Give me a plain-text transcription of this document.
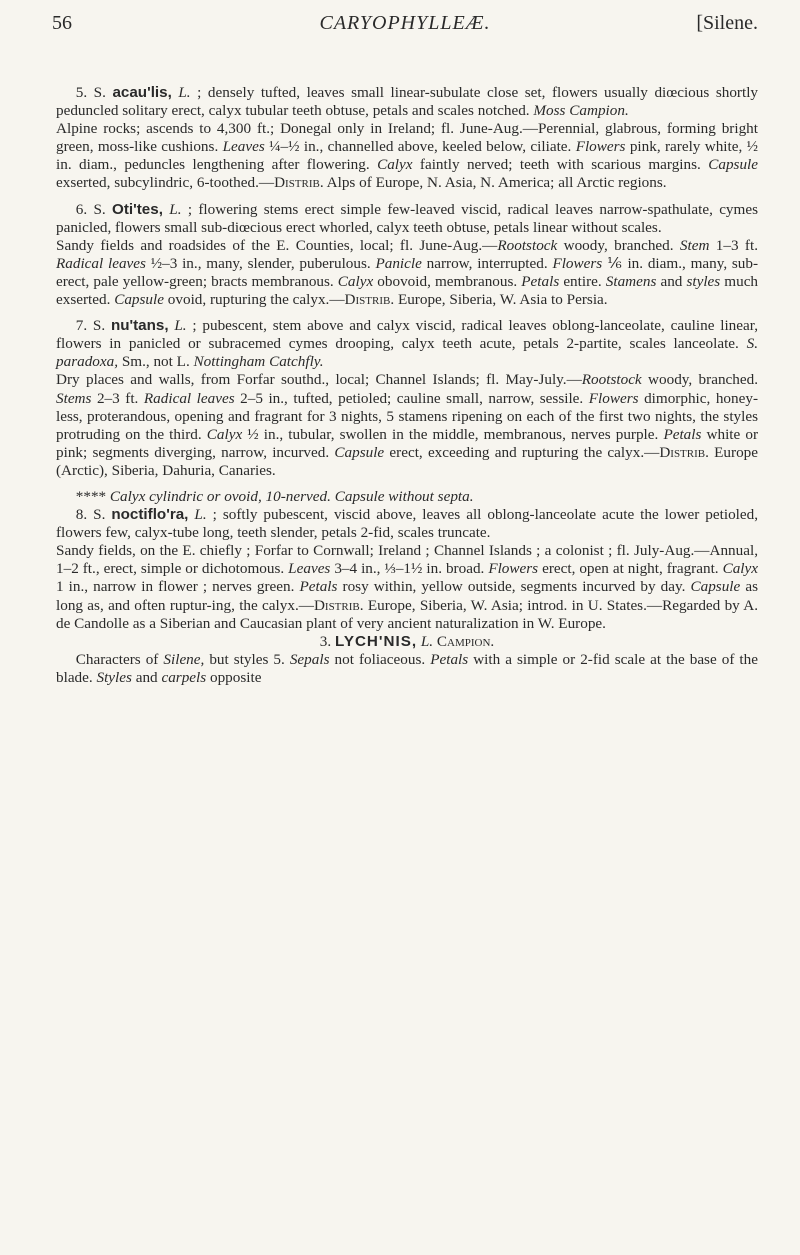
56	CARYOPHYLLEÆ.	[Silene.

5. S. acau'lis, L. ; densely tufted, leaves small linear-subulate close set, flowers usually diœcious shortly peduncled solitary erect, calyx tubular teeth obtuse, petals and scales notched. Moss Campion.

Alpine rocks; ascends to 4,300 ft.; Donegal only in Ireland; fl. June-Aug.—Perennial, glabrous, forming bright green, moss-like cushions. Leaves ¼–½ in., channelled above, keeled below, ciliate. Flowers pink, rarely white, ½ in. diam., peduncles lengthening after flowering. Calyx faintly nerved; teeth with scarious margins. Capsule exserted, subcylindric, 6-toothed.—Distrib. Alps of Europe, N. Asia, N. America; all Arctic regions.

6. S. Oti'tes, L. ; flowering stems erect simple few-leaved viscid, radical leaves narrow-spathulate, cymes panicled, flowers small sub-diœcious erect whorled, calyx teeth obtuse, petals linear without scales.

Sandy fields and roadsides of the E. Counties, local; fl. June-Aug.—Rootstock woody, branched. Stem 1–3 ft. Radical leaves ½–3 in., many, slender, puberulous. Panicle narrow, interrupted. Flowers ⅙ in. diam., many, sub-erect, pale yellow-green; bracts membranous. Calyx obovoid, membranous. Petals entire. Stamens and styles much exserted. Capsule ovoid, rupturing the calyx.—Distrib. Europe, Siberia, W. Asia to Persia.

7. S. nu'tans, L. ; pubescent, stem above and calyx viscid, radical leaves oblong-lanceolate, cauline linear, flowers in panicled or subracemed cymes drooping, calyx teeth acute, petals 2-partite, scales lanceolate. S. paradoxa, Sm., not L. Nottingham Catchfly.

Dry places and walls, from Forfar southd., local; Channel Islands; fl. May-July.—Rootstock woody, branched. Stems 2–3 ft. Radical leaves 2–5 in., tufted, petioled; cauline small, narrow, sessile. Flowers dimorphic, honey-less, proterandous, opening and fragrant for 3 nights, 5 stamens ripening on each of the first two nights, the styles protruding on the third. Calyx ½ in., tubular, swollen in the middle, membranous, nerves purple. Petals white or pink; segments diverging, narrow, incurved. Capsule erect, exceeding and rupturing the calyx.—Distrib. Europe (Arctic), Siberia, Dahuria, Canaries.

**** Calyx cylindric or ovoid, 10-nerved. Capsule without septa.

8. S. noctiflo'ra, L. ; softly pubescent, viscid above, leaves all oblong-lanceolate acute the lower petioled, flowers few, calyx-tube long, teeth slender, petals 2-fid, scales truncate.

Sandy fields, on the E. chiefly ; Forfar to Cornwall; Ireland ; Channel Islands ; a colonist ; fl. July-Aug.—Annual, 1–2 ft., erect, simple or dichotomous. Leaves 3–4 in., ⅓–1½ in. broad. Flowers erect, open at night, fragrant. Calyx 1 in., narrow in flower ; nerves green. Petals rosy within, yellow outside, segments incurved by day. Capsule as long as, and often ruptur-ing, the calyx.—Distrib. Europe, Siberia, W. Asia; introd. in U. States.—Regarded by A. de Candolle as a Siberian and Caucasian plant of very ancient naturalization in W. Europe.

3. LYCH'NIS, L. Campion.

Characters of Silene, but styles 5. Sepals not foliaceous. Petals with a simple or 2-fid scale at the base of the blade. Styles and carpels opposite
